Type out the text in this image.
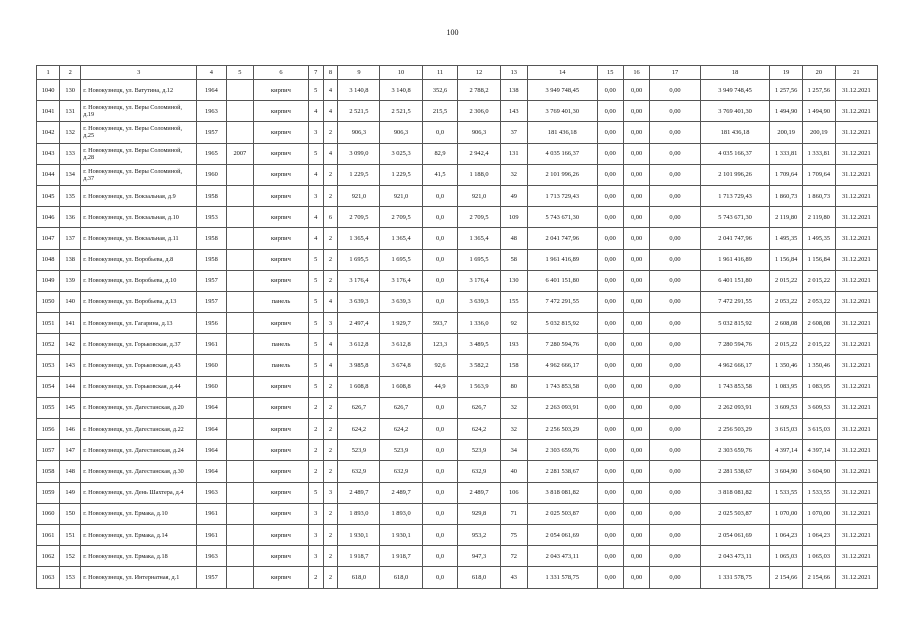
100
1	2	3	4	5	6	7	8	9	10	11	12	13	14	15	16	17	18	19	20	21
1040	130	г. Новокузнецк, ул. Ватутина, д.12	1964		кирпич	5	4	3 140,8	3 140,8	352,6	2 788,2	138	3 949 748,45	0,00	0,00	0,00	3 949 748,45	1 257,56	1 257,56	31.12.2021
1041	131	г. Новокузнецк, ул. Веры Соломиной, д.19	1963		кирпич	4	4	2 521,5	2 521,5	215,5	2 306,0	143	3 769 401,30	0,00	0,00	0,00	3 769 401,30	1 494,90	1 494,90	31.12.2021
1042	132	г. Новокузнецк, ул. Веры Соломиной, д.25	1957		кирпич	3	2	906,3	906,3	0,0	906,3	37	181 436,18	0,00	0,00	0,00	181 436,18	200,19	200,19	31.12.2021
1043	133	г. Новокузнецк, ул. Веры Соломиной, д.28	1965	2007	кирпич	5	4	3 099,0	3 025,3	82,9	2 942,4	131	4 035 166,37	0,00	0,00	0,00	4 035 166,37	1 333,81	1 333,81	31.12.2021
1044	134	г. Новокузнецк, ул. Веры Соломиной, д.37	1960		кирпич	4	2	1 229,5	1 229,5	41,5	1 188,0	32	2 101 996,26	0,00	0,00	0,00	2 101 996,26	1 709,64	1 709,64	31.12.2021
1045	135	г. Новокузнецк, ул. Вокзальная, д.9	1958		кирпич	3	2	921,0	921,0	0,0	921,0	49	1 713 729,43	0,00	0,00	0,00	1 713 729,43	1 860,73	1 860,73	31.12.2021
1046	136	г. Новокузнецк, ул. Вокзальная, д.10	1953		кирпич	4	6	2 709,5	2 709,5	0,0	2 709,5	109	5 743 671,30	0,00	0,00	0,00	5 743 671,30	2 119,80	2 119,80	31.12.2021
1047	137	г. Новокузнецк, ул. Вокзальная, д.11	1958		кирпич	4	2	1 365,4	1 365,4	0,0	1 365,4	48	2 041 747,96	0,00	0,00	0,00	2 041 747,96	1 495,35	1 495,35	31.12.2021
1048	138	г. Новокузнецк, ул. Воробьева, д.8	1958		кирпич	5	2	1 695,5	1 695,5	0,0	1 695,5	58	1 961 416,89	0,00	0,00	0,00	1 961 416,89	1 156,84	1 156,84	31.12.2021
1049	139	г. Новокузнецк, ул. Воробьева, д.10	1957		кирпич	5	2	3 176,4	3 176,4	0,0	3 176,4	130	6 401 151,80	0,00	0,00	0,00	6 401 151,80	2 015,22	2 015,22	31.12.2021
1050	140	г. Новокузнецк, ул. Воробьева, д.13	1957		панель	5	4	3 639,3	3 639,3	0,0	3 639,3	155	7 472 291,55	0,00	0,00	0,00	7 472 291,55	2 053,22	2 053,22	31.12.2021
1051	141	г. Новокузнецк, ул. Гагарина, д.13	1956		кирпич	5	3	2 497,4	1 929,7	593,7	1 336,0	92	5 032 815,92	0,00	0,00	0,00	5 032 815,92	2 608,08	2 608,08	31.12.2021
1052	142	г. Новокузнецк, ул. Горьковская, д.37	1961		панель	5	4	3 612,8	3 612,8	123,3	3 489,5	193	7 280 594,76	0,00	0,00	0,00	7 280 594,76	2 015,22	2 015,22	31.12.2021
1053	143	г. Новокузнецк, ул. Горьковская, д.43	1960		панель	5	4	3 985,8	3 674,8	92,6	3 582,2	158	4 962 666,17	0,00	0,00	0,00	4 962 666,17	1 350,46	1 350,46	31.12.2021
1054	144	г. Новокузнецк, ул. Горьковская, д.44	1960		кирпич	5	2	1 608,8	1 608,8	44,9	1 563,9	80	1 743 853,58	0,00	0,00	0,00	1 743 853,58	1 083,95	1 083,95	31.12.2021
1055	145	г. Новокузнецк, ул. Дагестанская, д.20	1964		кирпич	2	2	626,7	626,7	0,0	626,7	32	2 263 093,91	0,00	0,00	0,00	2 262 093,91	3 609,53	3 609,53	31.12.2021
1056	146	г. Новокузнецк, ул. Дагестанская, д.22	1964		кирпич	2	2	624,2	624,2	0,0	624,2	32	2 256 503,29	0,00	0,00	0,00	2 256 503,29	3 615,03	3 615,03	31.12.2021
1057	147	г. Новокузнецк, ул. Дагестанская, д.24	1964		кирпич	2	2	523,9	523,9	0,0	523,9	34	2 303 659,76	0,00	0,00	0,00	2 303 659,76	4 397,14	4 397,14	31.12.2021
1058	148	г. Новокузнецк, ул. Дагестанская, д.30	1964		кирпич	2	2	632,9	632,9	0,0	632,9	40	2 281 538,67	0,00	0,00	0,00	2 281 538,67	3 604,90	3 604,90	31.12.2021
1059	149	г. Новокузнецк, ул. День Шахтера, д.4	1963		кирпич	5	3	2 489,7	2 489,7	0,0	2 489,7	106	3 818 081,82	0,00	0,00	0,00	3 818 081,82	1 533,55	1 533,55	31.12.2021
1060	150	г. Новокузнецк, ул. Ермака, д.10	1961		кирпич	3	2	1 893,0	1 893,0	0,0	929,8	71	2 025 503,87	0,00	0,00	0,00	2 025 503,87	1 070,00	1 070,00	31.12.2021
1061	151	г. Новокузнецк, ул. Ермака, д.14	1961		кирпич	3	2	1 930,1	1 930,1	0,0	953,2	75	2 054 061,69	0,00	0,00	0,00	2 054 061,69	1 064,23	1 064,23	31.12.2021
1062	152	г. Новокузнецк, ул. Ермака, д.18	1963		кирпич	3	2	1 918,7	1 918,7	0,0	947,3	72	2 043 473,11	0,00	0,00	0,00	2 043 473,11	1 065,03	1 065,03	31.12.2021
1063	153	г. Новокузнецк, ул. Интернатная, д.1	1957		кирпич	2	2	618,0	618,0	0,0	618,0	43	1 331 578,75	0,00	0,00	0,00	1 331 578,75	2 154,66	2 154,66	31.12.2021
